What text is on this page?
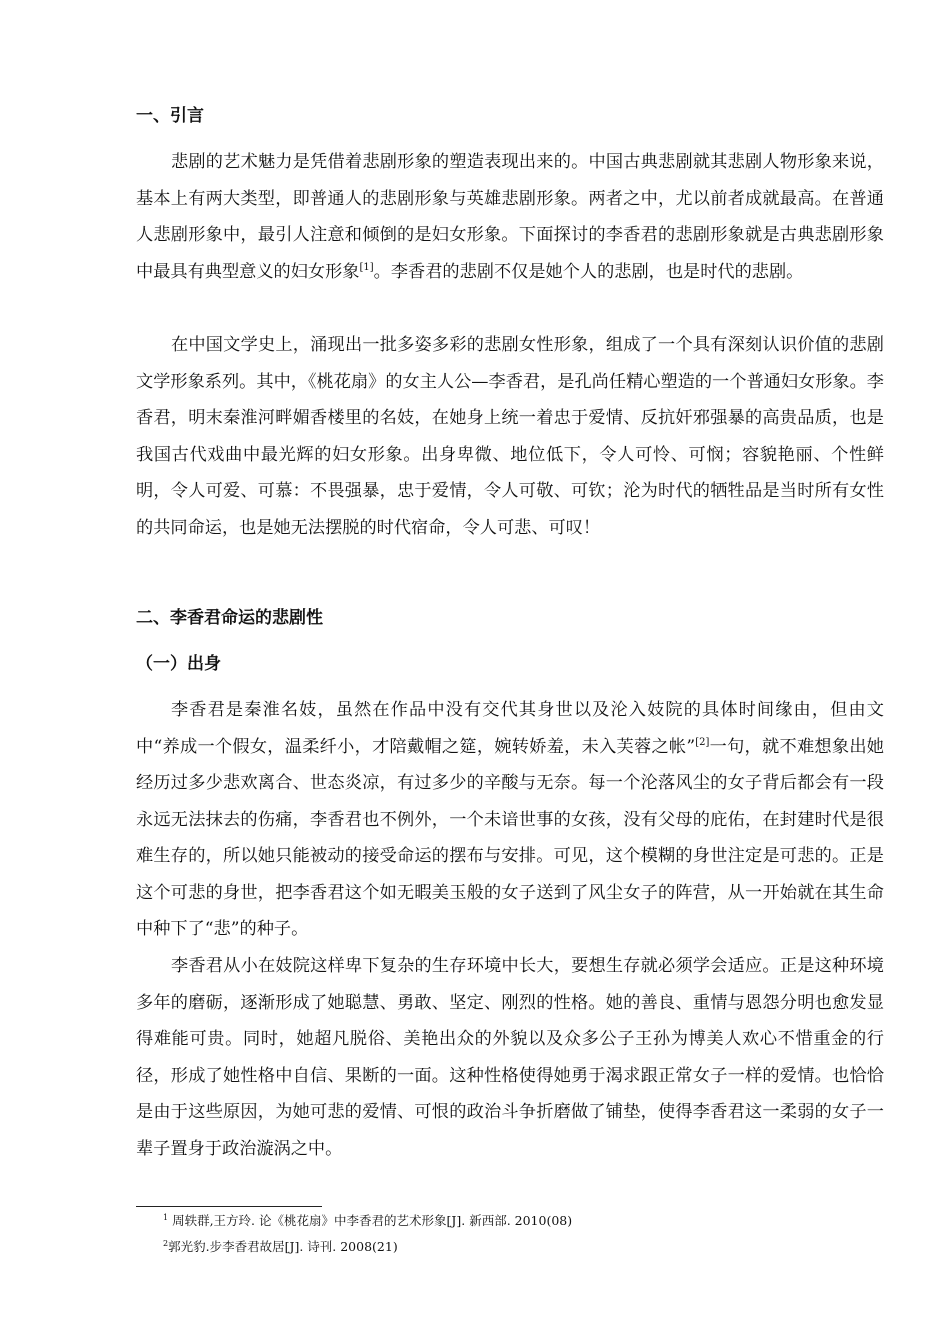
一、引言

悲剧的艺术魅力是凭借着悲剧形象的塑造表现出来的。中国古典悲剧就其悲剧人物形象来说，基本上有两大类型，即普通人的悲剧形象与英雄悲剧形象。两者之中，尤以前者成就最高。在普通人悲剧形象中，最引人注意和倾倒的是妇女形象。下面探讨的李香君的悲剧形象就是古典悲剧形象中最具有典型意义的妇女形象[1]。李香君的悲剧不仅是她个人的悲剧，也是时代的悲剧。

在中国文学史上，涌现出一批多姿多彩的悲剧女性形象，组成了一个具有深刻认识价值的悲剧文学形象系列。其中，《桃花扇》的女主人公—李香君，是孔尚任精心塑造的一个普通妇女形象。李香君，明末秦淮河畔媚香楼里的名妓，在她身上统一着忠于爱情、反抗奸邪强暴的高贵品质，也是我国古代戏曲中最光辉的妇女形象。出身卑微、地位低下，令人可怜、可悯；容貌艳丽、个性鲜明，令人可爱、可慕：不畏强暴，忠于爱情，令人可敬、可钦；沦为时代的牺牲品是当时所有女性的共同命运，也是她无法摆脱的时代宿命，令人可悲、可叹！

二、李香君命运的悲剧性
（一）出身

李香君是秦淮名妓，虽然在作品中没有交代其身世以及沦入妓院的具体时间缘由，但由文中“养成一个假女，温柔纤小，才陪戴帽之筵，婉转娇羞，未入芙蓉之帐”[2]一句，就不难想象出她经历过多少悲欢离合、世态炎凉，有过多少的辛酸与无奈。每一个沦落风尘的女子背后都会有一段永远无法抹去的伤痛，李香君也不例外，一个未谙世事的女孩，没有父母的庇佑，在封建时代是很难生存的，所以她只能被动的接受命运的摆布与安排。可见，这个模糊的身世注定是可悲的。正是这个可悲的身世，把李香君这个如无暇美玉般的女子送到了风尘女子的阵营，从一开始就在其生命中种下了“悲”的种子。

李香君从小在妓院这样卑下复杂的生存环境中长大，要想生存就必须学会适应。正是这种环境多年的磨砺，逐渐形成了她聪慧、勇敢、坚定、刚烈的性格。她的善良、重情与恩怨分明也愈发显得难能可贵。同时，她超凡脱俗、美艳出众的外貌以及众多公子王孙为博美人欢心不惜重金的行径，形成了她性格中自信、果断的一面。这种性格使得她勇于渴求跟正常女子一样的爱情。也恰恰是由于这些原因，为她可悲的爱情、可恨的政治斗争折磨做了铺垫，使得李香君这一柔弱的女子一辈子置身于政治漩涡之中。

$^1$ 周轶群,王方玲. 论《桃花扇》中李香君的艺术形象[J]. 新西部. 2010(08)

$^2$郭光豹.步李香君故居[J]. 诗刊. 2008(21)
